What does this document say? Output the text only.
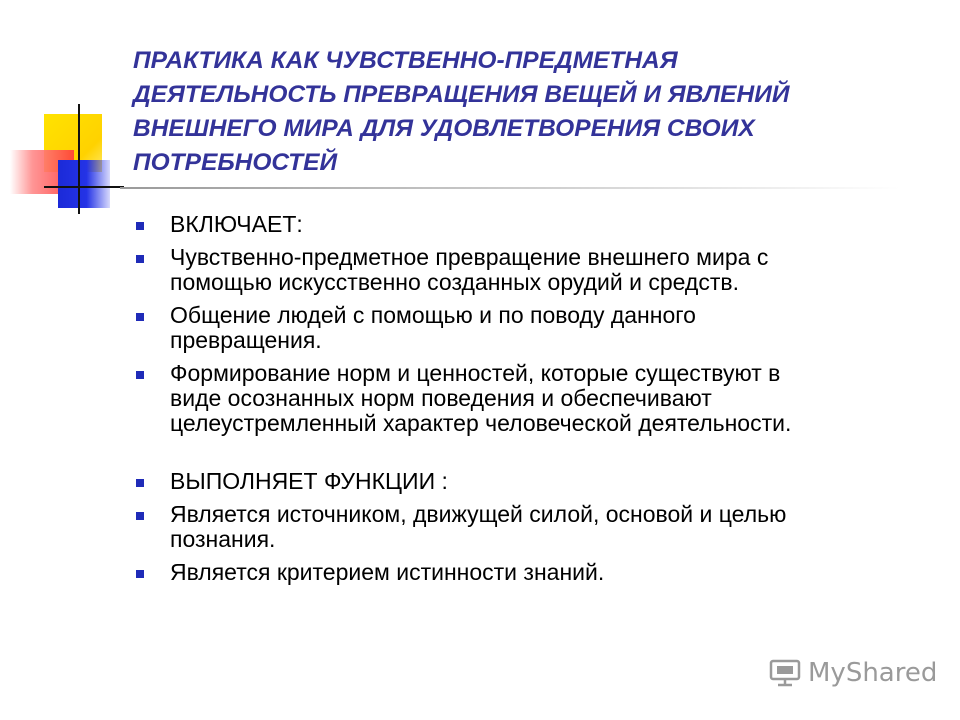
ПРАКТИКА КАК ЧУВСТВЕННО-ПРЕДМЕТНАЯ
ДЕЯТЕЛЬНОСТЬ ПРЕВРАЩЕНИЯ ВЕЩЕЙ И ЯВЛЕНИЙ
ВНЕШНЕГО МИРА ДЛЯ УДОВЛЕТВОРЕНИЯ СВОИХ
ПОТРЕБНОСТЕЙ
ВКЛЮЧАЕТ:
Чувственно-предметное превращение внешнего мира с
помощью искусственно созданных орудий и средств.
Общение людей с помощью и по поводу данного
превращения.
Формирование норм и ценностей, которые существуют в
виде осознанных норм поведения и обеспечивают
целеустремленный характер человеческой деятельности.
ВЫПОЛНЯЕТ ФУНКЦИИ :
Является источником, движущей силой, основой и целью
познания.
Является критерием истинности знаний.
MyShared
